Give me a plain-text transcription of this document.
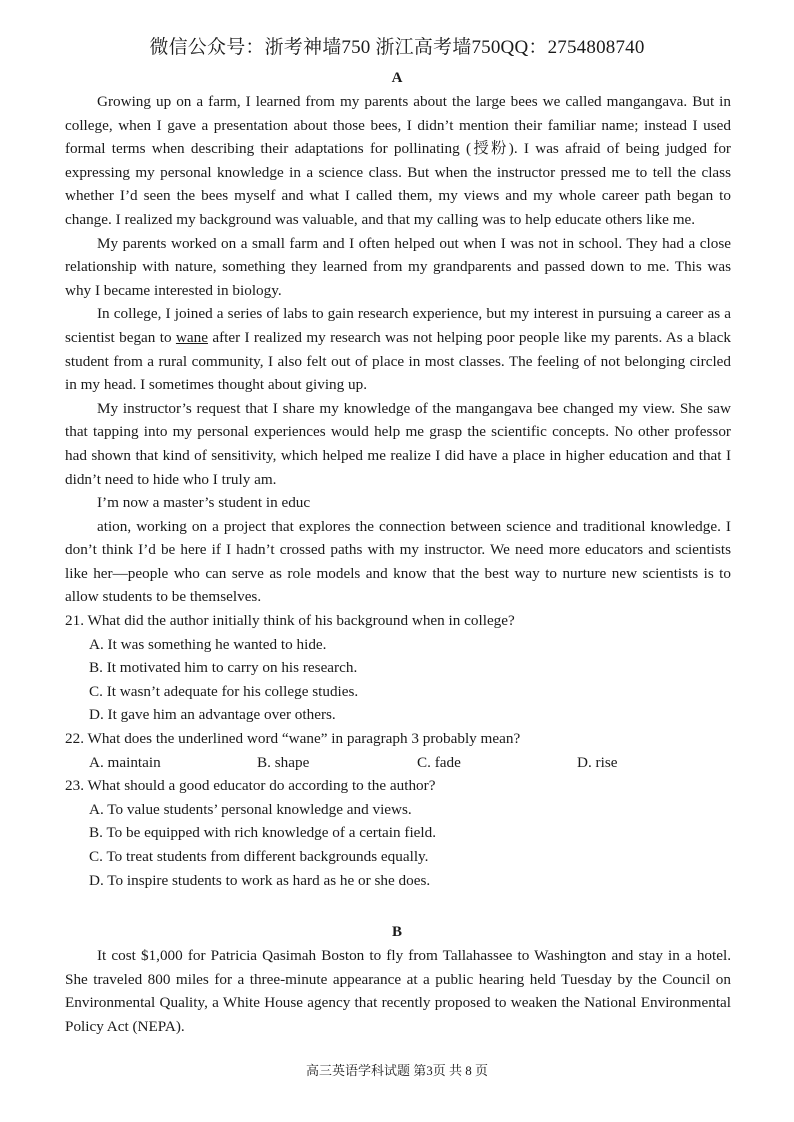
微信公众号：浙考神墙750 浙江高考墙750QQ：2754808740
A

Growing up on a farm, I learned from my parents about the large bees we called mangangava. But in college, when I gave a presentation about those bees, I didn’t mention their familiar name; instead I used formal terms when describing their adaptations for pollinating (授粉). I was afraid of being judged for expressing my personal knowledge in a science class. But when the instructor pressed me to tell the class whether I’d seen the bees myself and what I called them, my views and my whole career path began to change. I realized my background was valuable, and that my calling was to help educate others like me.

My parents worked on a small farm and I often helped out when I was not in school. They had a close relationship with nature, something they learned from my grandparents and passed down to me. This was why I became interested in biology.

In college, I joined a series of labs to gain research experience, but my interest in pursuing a career as a scientist began to wane after I realized my research was not helping poor people like my parents. As a black student from a rural community, I also felt out of place in most classes. The feeling of not belonging circled in my head. I sometimes thought about giving up.

My instructor’s request that I share my knowledge of the mangangava bee changed my view. She saw that tapping into my personal experiences would help me grasp the scientific concepts. No other professor had shown that kind of sensitivity, which helped me realize I did have a place in higher education and that I didn’t need to hide who I truly am.

I’m now a master’s student in educ

ation, working on a project that explores the connection between science and traditional knowledge. I don’t think I’d be here if I hadn’t crossed paths with my instructor. We need more educators and scientists like her—people who can serve as role models and know that the best way to nurture new scientists is to allow students to be themselves.

21. What did the author initially think of his background when in college?

A. It was something he wanted to hide.

B. It motivated him to carry on his research.

C. It wasn’t adequate for his college studies.

D. It gave him an advantage over others.

22. What does the underlined word “wane” in paragraph 3 probably mean?

A. maintain	B. shape	C. fade	D. rise

23. What should a good educator do according to the author?

A. To value students’ personal knowledge and views.

B. To be equipped with rich knowledge of a certain field.

C. To treat students from different backgrounds equally.

D. To inspire students to work as hard as he or she does.

B

It cost $1,000 for Patricia Qasimah Boston to fly from Tallahassee to Washington and stay in a hotel. She traveled 800 miles for a three-minute appearance at a public hearing held Tuesday by the Council on Environmental Quality, a White House agency that recently proposed to weaken the National Environmental Policy Act (NEPA).

高三英语学科试题 第3页 共 8 页
